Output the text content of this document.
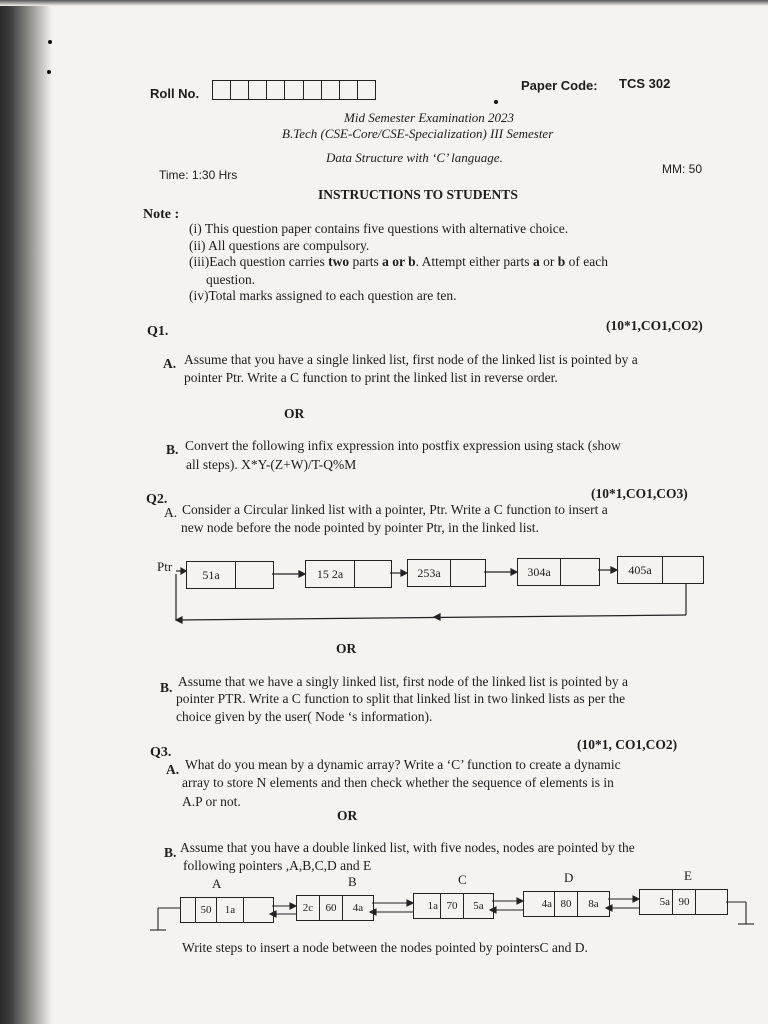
Roll No.
Paper Code: TCS 302
Mid Semester Examination 2023
B.Tech (CSE-Core/CSE-Specialization) III Semester
Data Structure with ‘C’ language.
Time: 1:30 Hrs	MM: 50
INSTRUCTIONS TO STUDENTS
Note :
(i) This question paper contains five questions with alternative choice.
(ii) All questions are compulsory.
(iii)Each question carries two parts a or b. Attempt either parts a or b of each
question.
(iv)Total marks assigned to each question are ten.
Q1.	(10*1,CO1,CO2)
A. Assume that you have a single linked list, first node of the linked list is pointed by a
pointer Ptr. Write a C function to print the linked list in reverse order.
OR
B. Convert the following infix expression into postfix expression using stack (show
all steps). X*Y-(Z+W)/T-Q%M
Q2.	(10*1,CO1,CO3)
A. Consider a Circular linked list with a pointer, Ptr. Write a C function to insert a
new node before the node pointed by pointer Ptr, in the linked list.
Ptr
51a	15 2a	253a	304a	405a
OR
B. Assume that we have a singly linked list, first node of the linked list is pointed by a
pointer PTR. Write a C function to split that linked list in two linked lists as per the
choice given by the user( Node ‘s information).
Q3.
(10*1, CO1,CO2)
A. What do you mean by a dynamic array? Write a ‘C’ function to create a dynamic
array to store N elements and then check whether the sequence of elements is in
A.P or not.
OR
B. Assume that you have a double linked list, with five nodes, nodes are pointed by the
following pointers ,A,B,C,D and E
A	B	C	D	E
50	1a	2c	60	4a	1a 70	5a	4a 80	8a	5a 90
Write steps to insert a node between the nodes pointed by pointersC and D.
